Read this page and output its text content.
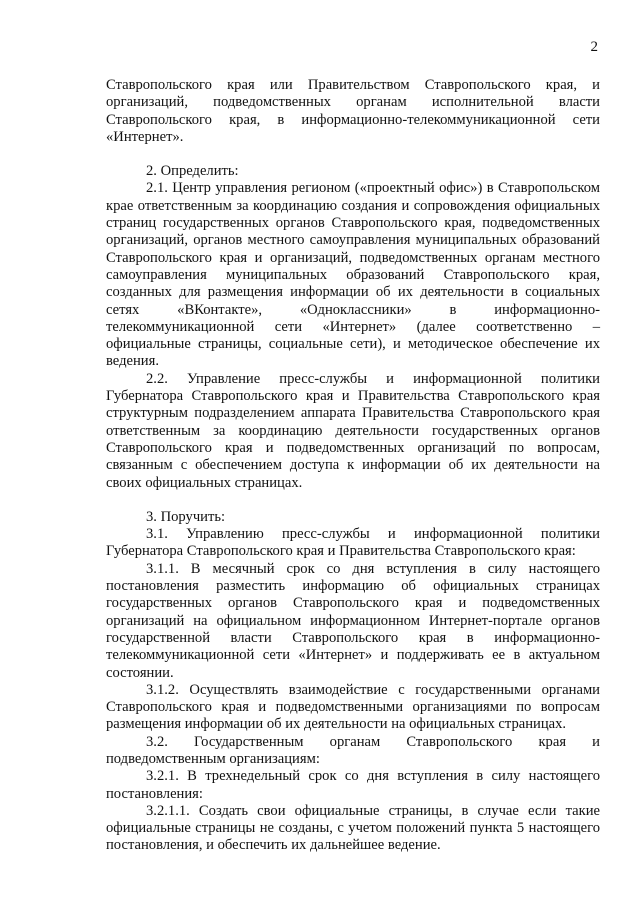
2

Ставропольского края или Правительством Ставропольского края, и организаций, подведомственных органам исполнительной власти Ставропольского края, в информационно-телекоммуникационной сети «Интернет».

2. Определить:

2.1. Центр управления регионом («проектный офис») в Ставропольском крае ответственным за координацию создания и сопровождения официальных страниц государственных органов Ставропольского края, подведомственных организаций, органов местного самоуправления муниципальных образований Ставропольского края и организаций, подведомственных органам местного самоуправления муниципальных образований Ставропольского края, созданных для размещения информации об их деятельности в социальных сетях «ВКонтакте», «Одноклассники» в информационно-телекоммуникационной сети «Интернет» (далее соответственно – официальные страницы, социальные сети), и методическое обеспечение их ведения.

2.2. Управление пресс-службы и информационной политики Губернатора Ставропольского края и Правительства Ставропольского края структурным подразделением аппарата Правительства Ставропольского края ответственным за координацию деятельности государственных органов Ставропольского края и подведомственных организаций по вопросам, связанным с обеспечением доступа к информации об их деятельности на своих официальных страницах.

3. Поручить:

3.1. Управлению пресс-службы и информационной политики Губернатора Ставропольского края и Правительства Ставропольского края:

3.1.1. В месячный срок со дня вступления в силу настоящего постановления разместить информацию об официальных страницах государственных органов Ставропольского края и подведомственных организаций на официальном информационном Интернет-портале органов государственной власти Ставропольского края в информационно-телекоммуникационной сети «Интернет» и поддерживать ее в актуальном состоянии.

3.1.2. Осуществлять взаимодействие с государственными органами Ставропольского края и подведомственными организациями по вопросам размещения информации об их деятельности на официальных страницах.

3.2. Государственным органам Ставропольского края и подведомственным организациям:

3.2.1. В трехнедельный срок со дня вступления в силу настоящего постановления:

3.2.1.1. Создать свои официальные страницы, в случае если такие официальные страницы не созданы, с учетом положений пункта 5 настоящего постановления, и обеспечить их дальнейшее ведение.
